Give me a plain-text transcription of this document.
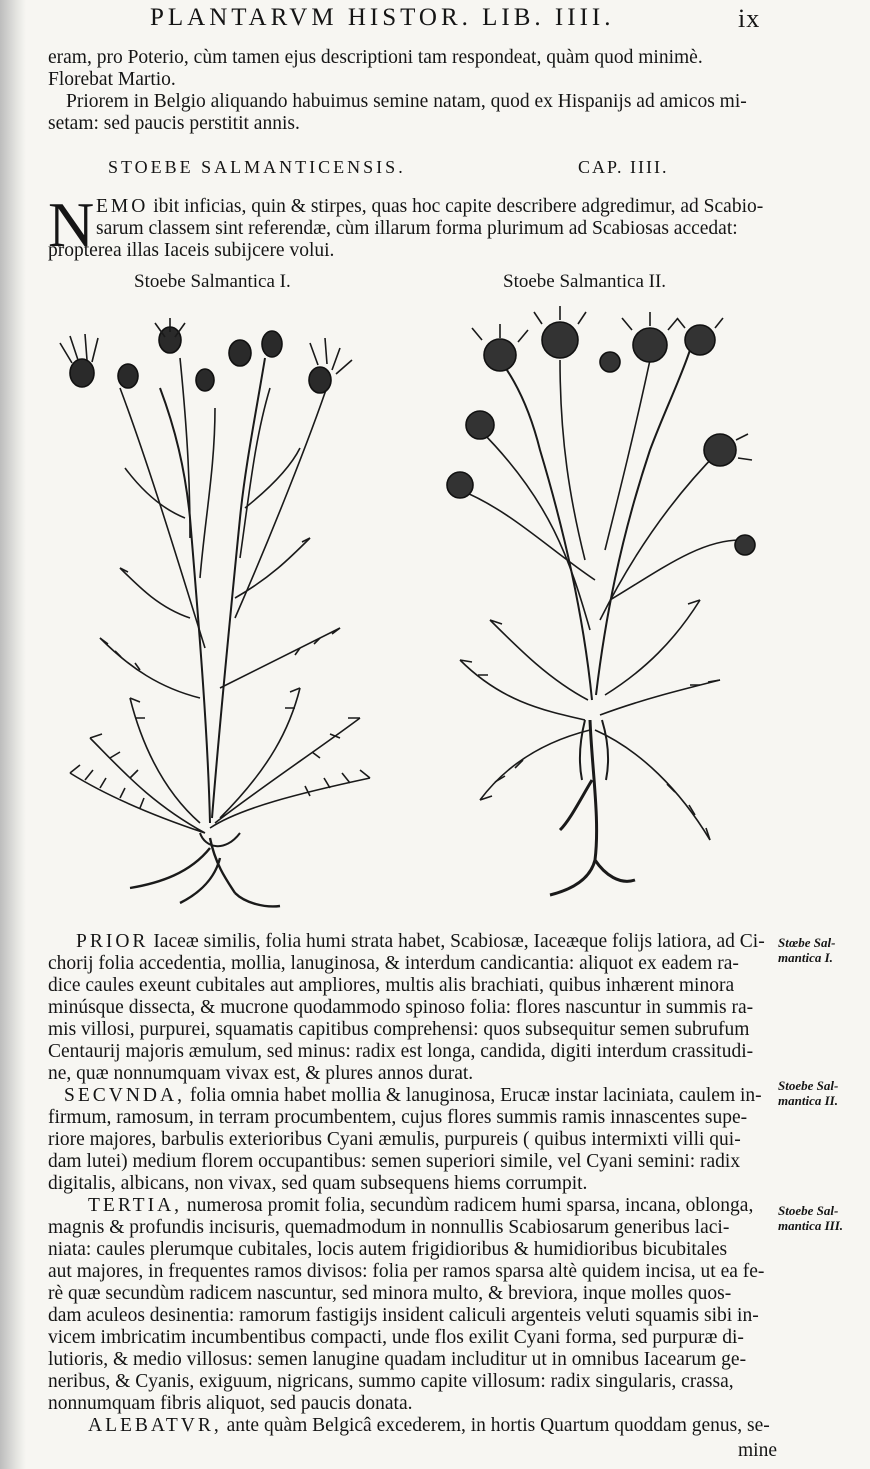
PLANTARVM HISTOR. LIB. IIII.	ix
eram, pro Poterio, cùm tamen ejus descriptioni tam respondeat, quàm quod minimè.
Florebat Martio.
Priorem in Belgio aliquando habuimus semine natam, quod ex Hispanijs ad amicos mi-
setam: sed paucis perstitit annis.
STOEBE SALMANTICENSIS.	CAP. IIII.
N EMO ibit inficias, quin & stirpes, quas hoc capite describere adgredimur, ad Scabio-
sarum classem sint referendæ, cùm illarum forma plurimum ad Scabiosas accedat:
propterea illas Iaceis subijcere volui.
Stoebe Salmantica I.	Stoebe Salmantica II.
PRIOR Iaceæ similis, folia humi strata habet, Scabiosæ, Iaceæque folijs latiora, ad Ci-
chorij folia accedentia, mollia, lanuginosa, & interdum candicantia: aliquot ex eadem ra-
dice caules exeunt cubitales aut ampliores, multis alis brachiati, quibus inhærent minora
minúsque dissecta, & mucrone quodammodo spinoso folia: flores nascuntur in summis ra-
mis villosi, purpurei, squamatis capitibus comprehensi: quos subsequitur semen subrufum
Centaurij majoris æmulum, sed minus: radix est longa, candida, digiti interdum crassitudi-
ne, quæ nonnumquam vivax est, & plures annos durat.
SECVNDA, folia omnia habet mollia & lanuginosa, Erucæ instar laciniata, caulem in-
firmum, ramosum, in terram procumbentem, cujus flores summis ramis innascentes supe-
riore majores, barbulis exterioribus Cyani æmulis, purpureis ( quibus intermixti villi qui-
dam lutei) medium florem occupantibus: semen superiori simile, vel Cyani semini: radix
digitalis, albicans, non vivax, sed quam subsequens hiems corrumpit.
TERTIA, numerosa promit folia, secundùm radicem humi sparsa, incana, oblonga,
magnis & profundis incisuris, quemadmodum in nonnullis Scabiosarum generibus laci-
niata: caules plerumque cubitales, locis autem frigidioribus & humidioribus bicubitales
aut majores, in frequentes ramos divisos: folia per ramos sparsa altè quidem incisa, ut ea fe-
rè quæ secundùm radicem nascuntur, sed minora multo, & breviora, inque molles quos-
dam aculeos desinentia: ramorum fastigijs insident caliculi argenteis veluti squamis sibi in-
vicem imbricatim incumbentibus compacti, unde flos exilit Cyani forma, sed purpuræ di-
lutioris, & medio villosus: semen lanugine quadam includitur ut in omnibus Iacearum ge-
neribus, & Cyanis, exiguum, nigricans, summo capite villosum: radix singularis, crassa,
nonnumquam fibris aliquot, sed paucis donata.
ALEBATVR, ante quàm Belgicâ excederem, in hortis Quartum quoddam genus, se-
mine
Stœbe Sal-
mantica I.
Stoebe Sal-
mantica II.
Stoebe Sal-
mantica III.
